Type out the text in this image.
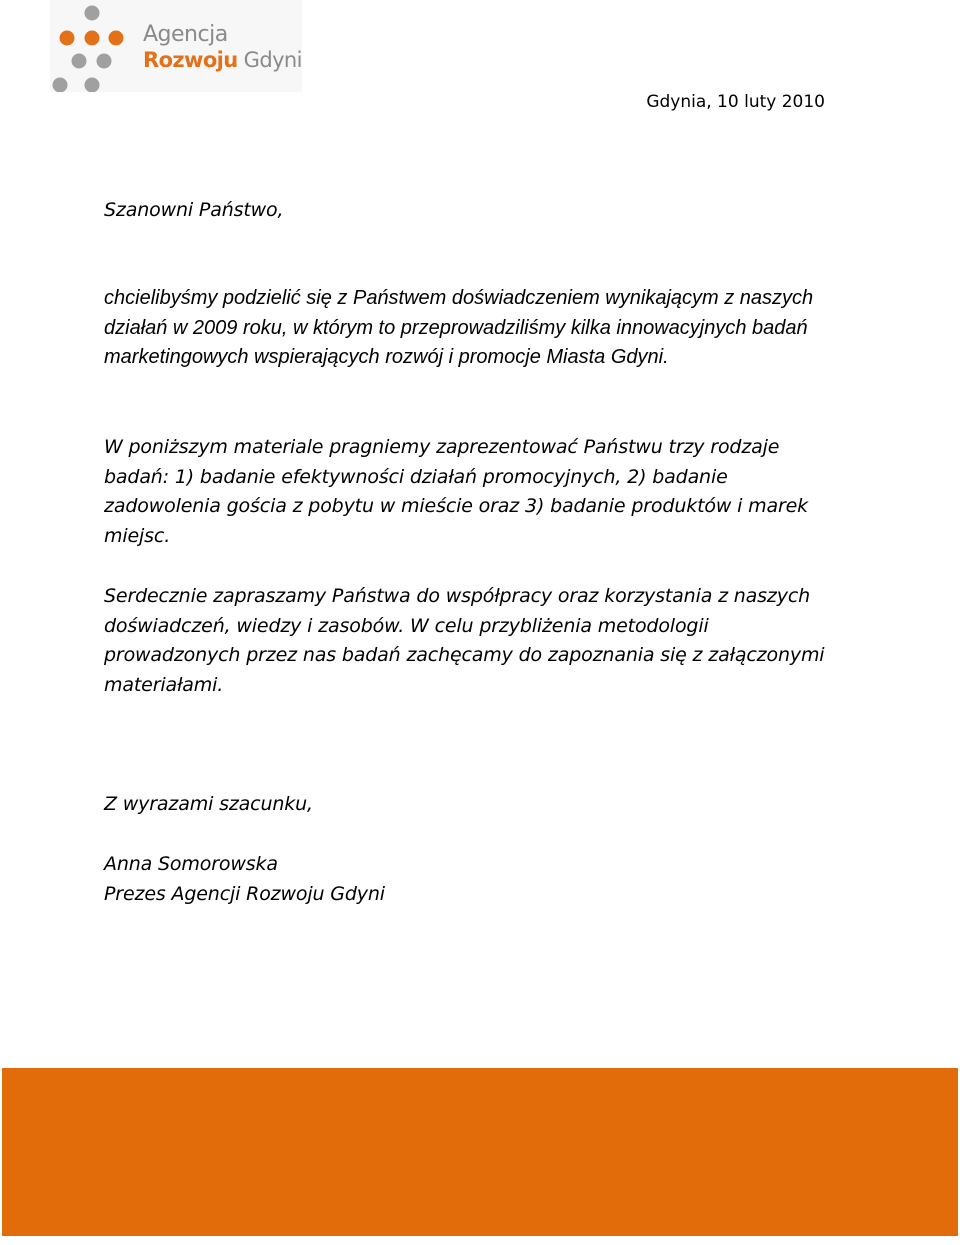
Agencja
Rozwoju Gdyni
Gdynia, 10 luty 2010

Szanowni Państwo,

chcielibyśmy podzielić się z Państwem doświadczeniem wynikającym z naszych działań w 2009 roku, w którym to przeprowadziliśmy kilka innowacyjnych badań marketingowych wspierających rozwój i promocje Miasta Gdyni.

W poniższym materiale pragniemy zaprezentować Państwu trzy rodzaje badań: 1) badanie efektywności działań promocyjnych, 2) badanie zadowolenia gościa z pobytu w mieście oraz 3) badanie produktów i marek miejsc.

Serdecznie zapraszamy Państwa do współpracy oraz korzystania z naszych doświadczeń, wiedzy i zasobów. W celu przybliżenia metodologii prowadzonych przez nas badań zachęcamy do zapoznania się z załączonymi materiałami.

Z wyrazami szacunku,

Anna Somorowska

Prezes Agencji Rozwoju Gdyni
